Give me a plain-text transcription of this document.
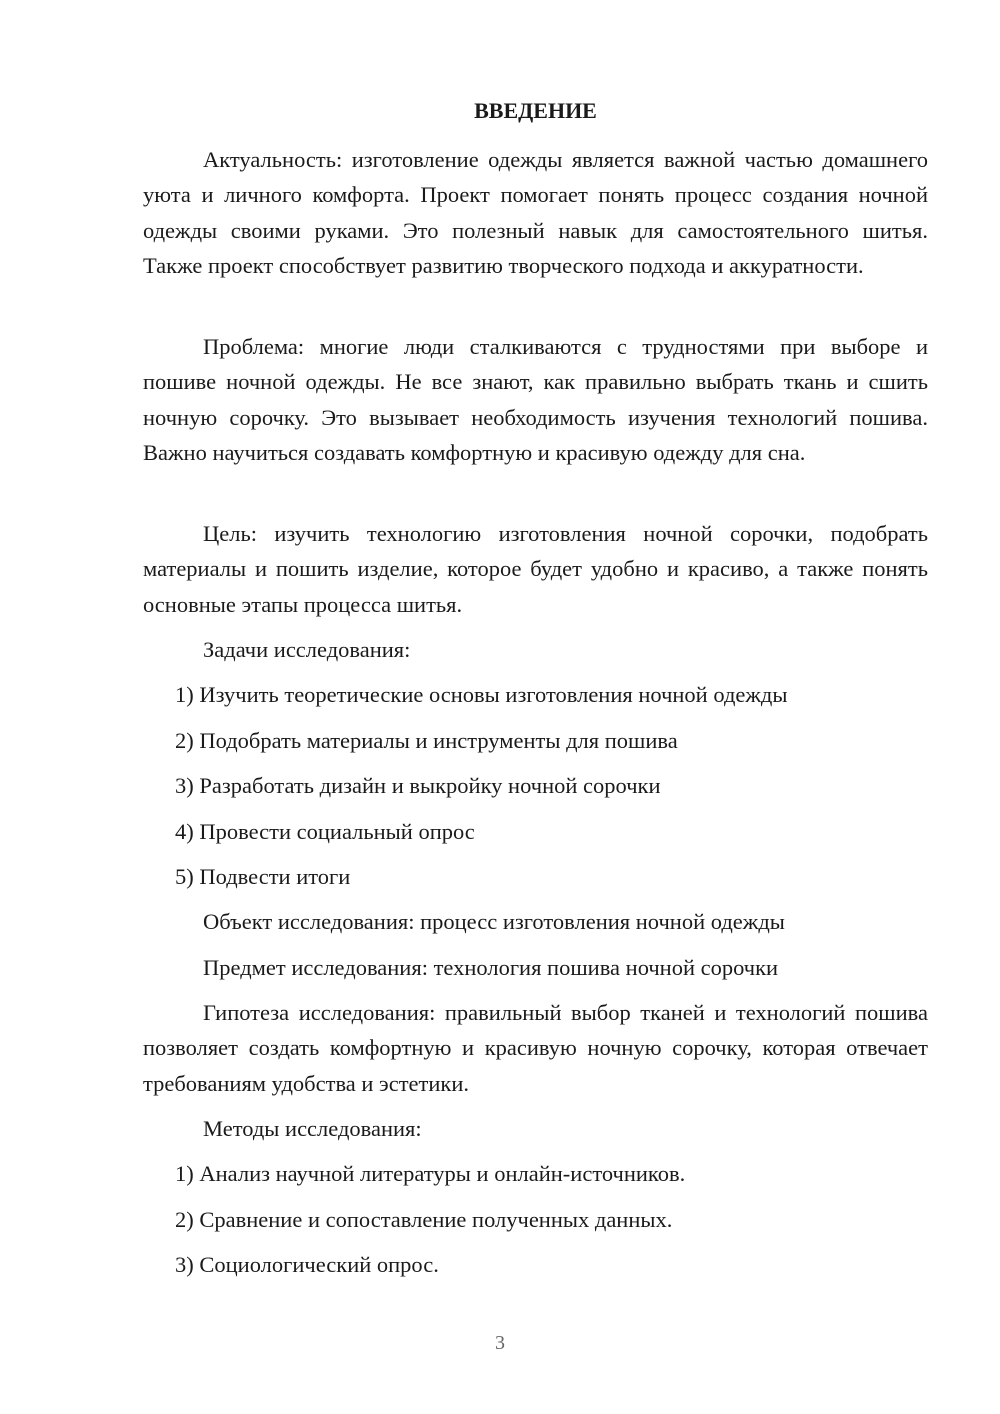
ВВЕДЕНИЕ

Актуальность: изготовление одежды является важной частью домашнего уюта и личного комфорта. Проект помогает понять процесс создания ночной одежды своими руками. Это полезный навык для самостоятельного шитья. Также проект способствует развитию творческого подхода и аккуратности.

Проблема: многие люди сталкиваются с трудностями при выборе и пошиве ночной одежды. Не все знают, как правильно выбрать ткань и сшить ночную сорочку. Это вызывает необходимость изучения технологий пошива. Важно научиться создавать комфортную и красивую одежду для сна.

Цель: изучить технологию изготовления ночной сорочки, подобрать материалы и пошить изделие, которое будет удобно и красиво, а также понять основные этапы процесса шитья.

Задачи исследования:

1) Изучить теоретические основы изготовления ночной одежды

2) Подобрать материалы и инструменты для пошива

3) Разработать дизайн и выкройку ночной сорочки

4) Провести социальный опрос

5) Подвести итоги

Объект исследования: процесс изготовления ночной одежды

Предмет исследования: технология пошива ночной сорочки

Гипотеза исследования: правильный выбор тканей и технологий пошива позволяет создать комфортную и красивую ночную сорочку, которая отвечает требованиям удобства и эстетики.

Методы исследования:

1) Анализ научной литературы и онлайн-источников.

2) Сравнение и сопоставление полученных данных.

3) Социологический опрос.

3
